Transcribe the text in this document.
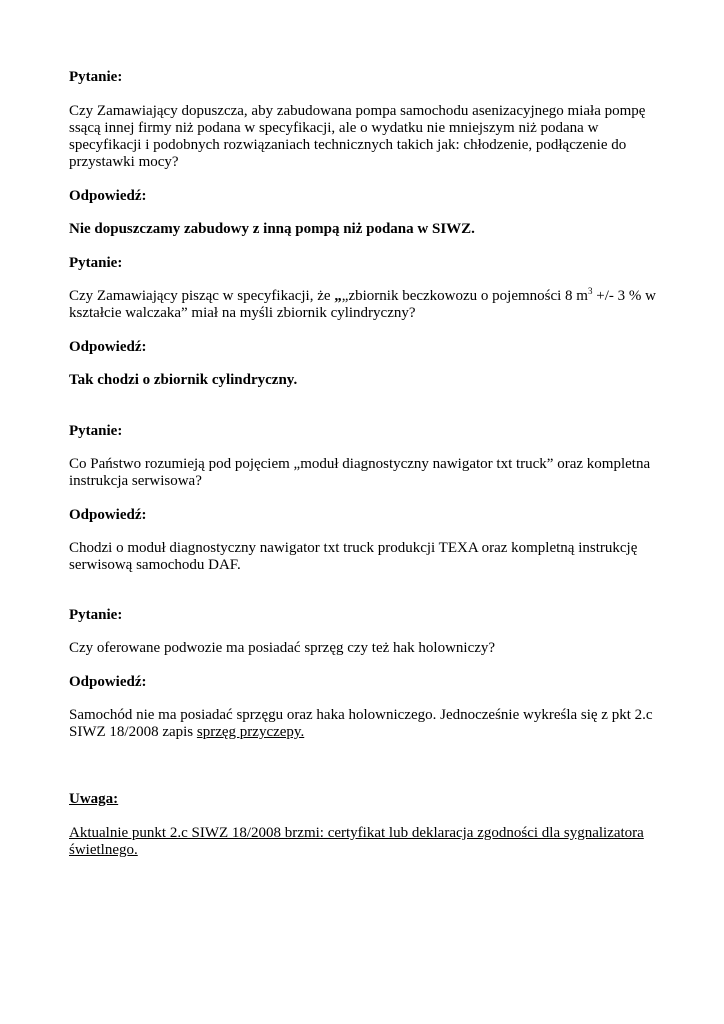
Pytanie:

Czy Zamawiający dopuszcza, aby zabudowana pompa samochodu asenizacyjnego miała pompę

ssącą innej firmy niż podana w specyfikacji, ale o wydatku nie mniejszym niż podana w

specyfikacji i podobnych rozwiązaniach technicznych takich jak: chłodzenie, podłączenie do

przystawki mocy?

Odpowiedź:

Nie dopuszczamy zabudowy z inną pompą niż podana w SIWZ.

Pytanie:

Czy Zamawiający pisząc w specyfikacji, że „„zbiornik beczkowozu o pojemności 8 $m^3$ +/- 3 % w

kształcie walczaka” miał na myśli zbiornik cylindryczny?

Odpowiedź:

Tak chodzi o zbiornik cylindryczny.

Pytanie:

Co Państwo rozumieją pod pojęciem „moduł diagnostyczny nawigator txt truck” oraz kompletna

instrukcja serwisowa?

Odpowiedź:

Chodzi o moduł diagnostyczny nawigator txt truck produkcji TEXA oraz kompletną instrukcję

serwisową samochodu DAF.

Pytanie:

Czy oferowane podwozie ma posiadać sprzęg czy też hak holowniczy?

Odpowiedź:

Samochód nie ma posiadać sprzęgu oraz haka holowniczego. Jednocześnie wykreśla się z pkt 2.c

SIWZ 18/2008 zapis sprzęg przyczepy.

Uwaga:

Aktualnie punkt 2.c SIWZ 18/2008 brzmi: certyfikat lub deklaracja zgodności dla sygnalizatora

świetlnego.
